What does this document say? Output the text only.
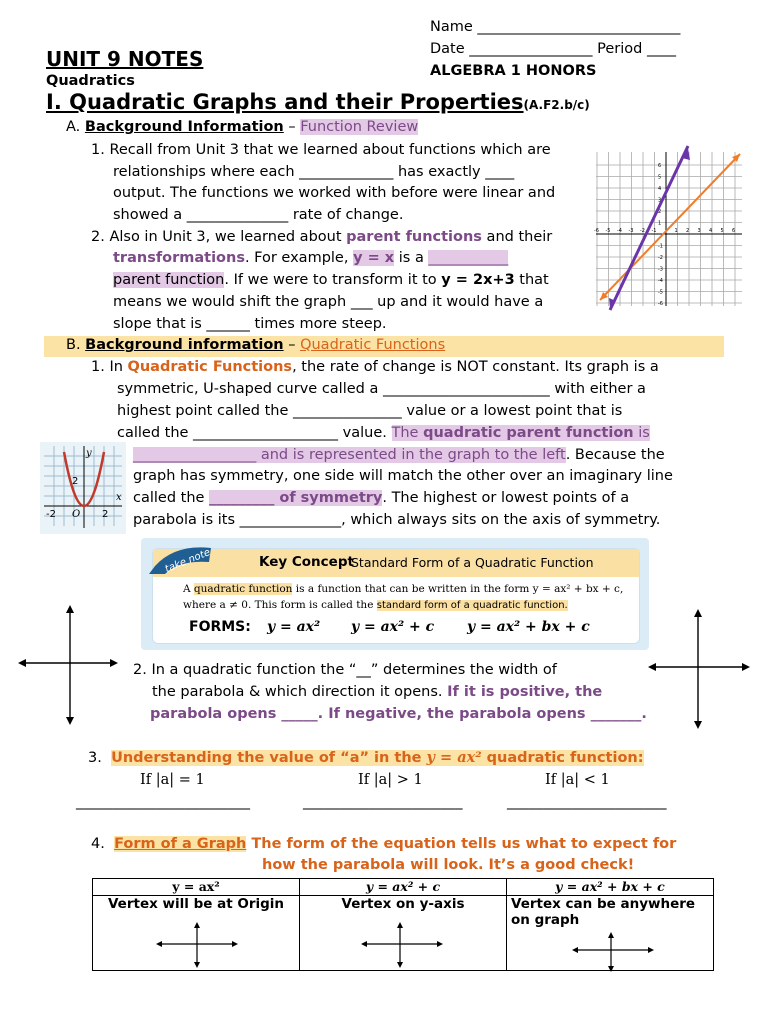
Name ____________________________
Date _________________ Period ____
ALGEBRA 1 HONORS
UNIT 9 NOTES
Quadratics
I. Quadratic Graphs and their Properties(A.F2.b/c)
A. Background Information – Function Review
1. Recall from Unit 3 that we learned about functions which are
relationships where each _____________ has exactly ____
output. The functions we worked with before were linear and
showed a ______________ rate of change.
2. Also in Unit 3, we learned about parent functions and their
transformations. For example, y = x is a ___________
parent function. If we were to transform it to y = 2x+3 that
means we would shift the graph ___ up and it would have a
slope that is ______ times more steep.
-6 -5 -4 -3 -2 -1	1 2 3 4 5 6
6
5
4
3
2
1
-1
-2
-3
-4
-5
-6
B. Background information – Quadratic Functions
1. In Quadratic Functions, the rate of change is NOT constant. Its graph is a
symmetric, U-shaped curve called a _______________________ with either a
highest point called the _______________ value or a lowest point that is
called the ____________________ value. The quadratic parent function is
_________________ and is represented in the graph to the left. Because the
graph has symmetry, one side will match the other over an imaginary line
called the _________ of symmetry. The highest or lowest points of a
parabola is its ______________, which always sits on the axis of symmetry.
y
x
2
-2 O 2
Key Concept
Standard Form of a Quadratic Function
A quadratic function is a function that can be written in the form y = ax² + bx + c,
where a ≠ 0. This form is called the standard form of a quadratic function.
FORMS: y = ax² y = ax² + c y = ax² + bx + c
take note
2. In a quadratic function the “__” determines the width of
the parabola & which direction it opens. If it is positive, the
parabola opens _____. If negative, the parabola opens _______.
3. Understanding the value of “a” in the y = ax² quadratic function:
If |a| = 1	If |a| > 1	If |a| < 1
________________________	______________________	______________________
4. Form of a Graph The form of the equation tells us what to expect for
how the parabola will look. It’s a good check!
y = ax²	y = ax² + c	y = ax² + bx + c

Vertex will be at Origin	Vertex on y-axis	Vertex can be anywhere on graph
